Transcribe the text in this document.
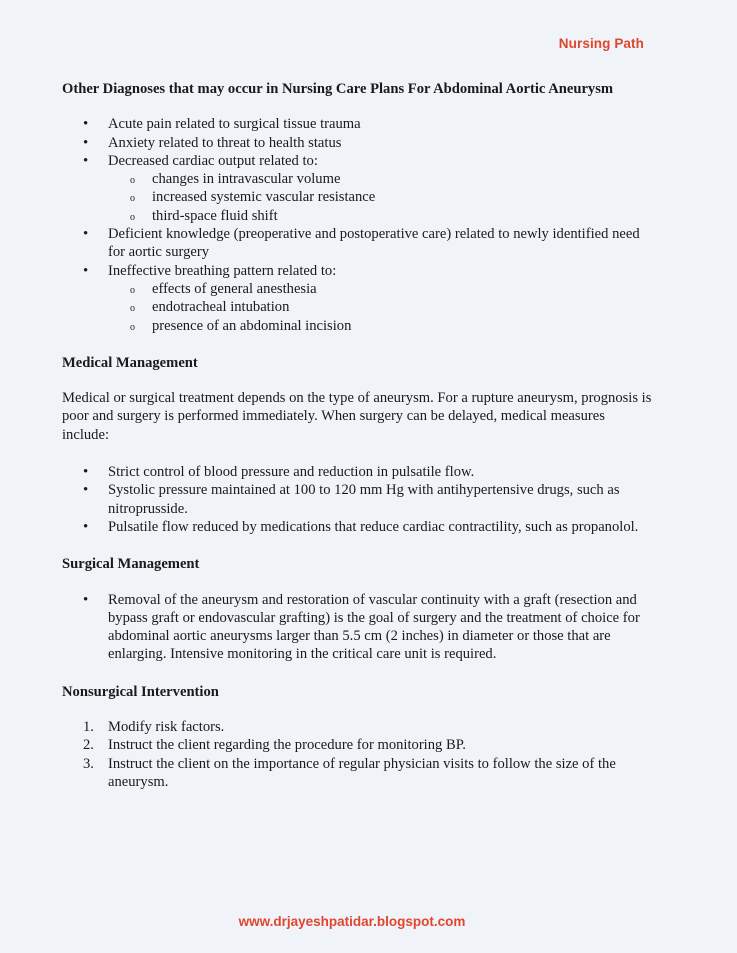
Nursing Path
Other Diagnoses that may occur in Nursing Care Plans For Abdominal Aortic Aneurysm
• Acute pain related to surgical tissue trauma
• Anxiety related to threat to health status
• Decreased cardiac output related to:
o changes in intravascular volume
o increased systemic vascular resistance
o third-space fluid shift
• Deficient knowledge (preoperative and postoperative care) related to newly identified need for aortic surgery
• Ineffective breathing pattern related to:
o effects of general anesthesia
o endotracheal intubation
o presence of an abdominal incision
Medical Management

Medical or surgical treatment depends on the type of aneurysm. For a rupture aneurysm, prognosis is poor and surgery is performed immediately. When surgery can be delayed, medical measures include:

• Strict control of blood pressure and reduction in pulsatile flow.
• Systolic pressure maintained at 100 to 120 mm Hg with antihypertensive drugs, such as nitroprusside.
• Pulsatile flow reduced by medications that reduce cardiac contractility, such as propanolol.
Surgical Management
• Removal of the aneurysm and restoration of vascular continuity with a graft (resection and bypass graft or endovascular grafting) is the goal of surgery and the treatment of choice for abdominal aortic aneurysms larger than 5.5 cm (2 inches) in diameter or those that are enlarging. Intensive monitoring in the critical care unit is required.
Nonsurgical Intervention
1. Modify risk factors.
2. Instruct the client regarding the procedure for monitoring BP.
3. Instruct the client on the importance of regular physician visits to follow the size of the aneurysm.
www.drjayeshpatidar.blogspot.com
